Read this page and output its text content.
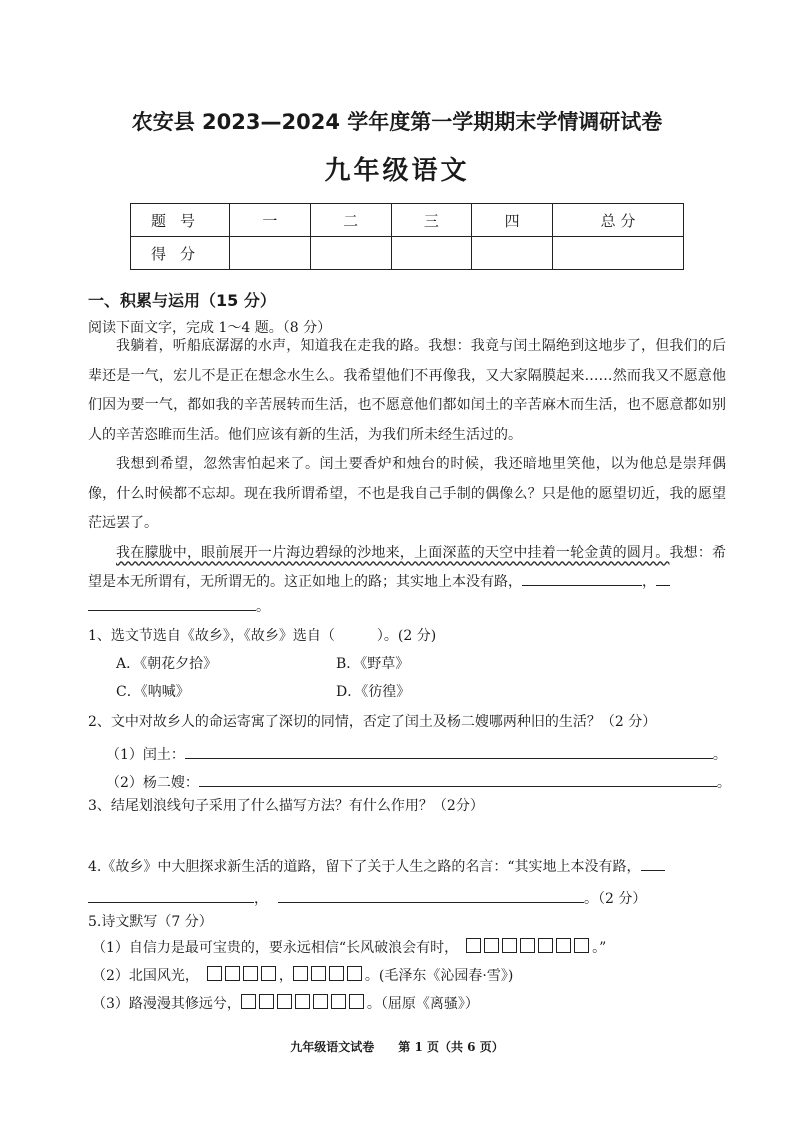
农安县 2023—2024 学年度第一学期期末学情调研试卷
九年级语文
题号	一	二	三	四	总 分
得分					
一、积累与运用（15 分）
阅读下面文字，完成 1～4 题。（8 分）

我躺着，听船底潺潺的水声，知道我在走我的路。我想：我竟与闰土隔绝到这地步了，但我们的后辈还是一气，宏儿不是正在想念水生么。我希望他们不再像我，又大家隔膜起来……然而我又不愿意他们因为要一气，都如我的辛苦展转而生活，也不愿意他们都如闰土的辛苦麻木而生活，也不愿意都如别人的辛苦恣睢而生活。他们应该有新的生活，为我们所未经生活过的。

我想到希望，忽然害怕起来了。闰土要香炉和烛台的时候，我还暗地里笑他，以为他总是崇拜偶像，什么时候都不忘却。现在我所谓希望，不也是我自己手制的偶像么？只是他的愿望切近，我的愿望茫远罢了。

我在朦胧中，眼前展开一片海边碧绿的沙地来，上面深蓝的天空中挂着一轮金黄的圆月。我想：希望是本无所谓有，无所谓无的。这正如地上的路；其实地上本没有路，	，

。
1、选文节选自《故乡》，《故乡》选自（　　　）。(2 分)
A．《朝花夕拾》	B．《野草》
C．《呐喊》	D．《彷徨》
2、文中对故乡人的命运寄寓了深切的同情，否定了闰土及杨二嫂哪两种旧的生活？（2 分）
（1）闰土：	。
（2）杨二嫂：	。
3、结尾划浪线句子采用了什么描写方法？有什么作用？（2分）
4.《故乡》中大胆探求新生活的道路，留下了关于人生之路的名言：“其实地上本没有路，
，	。（2 分）
5.诗文默写（7 分）
（1）自信力是最可宝贵的，要永远相信“长风破浪会有时，	。”
（2）北国风光，	，	。(毛泽东《沁园春·雪》)
（3）路漫漫其修远兮，	。（屈原《离骚》）
九年级语文试卷　　第 1 页（共 6 页）
